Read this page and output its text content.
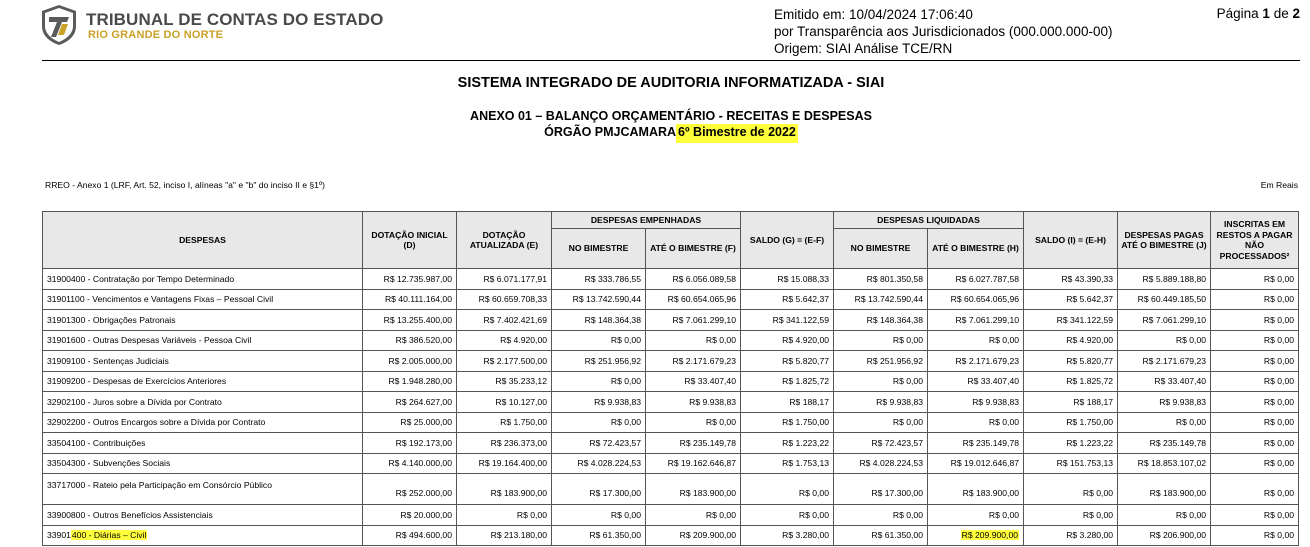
TRIBUNAL DE CONTAS DO ESTADO
RIO GRANDE DO NORTE
Emitido em: 10/04/2024 17:06:40
por Transparência aos Jurisdicionados (000.000.000-00)
Origem: SIAI Análise TCE/RN
Página 1 de 2
SISTEMA INTEGRADO DE AUDITORIA INFORMATIZADA - SIAI
ANEXO 01 – BALANÇO ORÇAMENTÁRIO - RECEITAS E DESPESAS
ÓRGÃO PMJCAMARA 6º Bimestre de 2022
RREO - Anexo 1 (LRF, Art. 52, inciso I, alíneas "a" e "b" do inciso II e §1º)	Em Reais
DESPESAS	DOTAÇÃO INICIAL (D)	DOTAÇÃO ATUALIZADA (E)	DESPESAS EMPENHADAS		SALDO (G) = (E-F)	DESPESAS LIQUIDADAS		SALDO (I) = (E-H)	DESPESAS PAGAS ATÉ O BIMESTRE (J)	INSCRITAS EM RESTOS A PAGAR NÃO PROCESSADOS²
			NO BIMESTRE	ATÉ O BIMESTRE (F)		NO BIMESTRE	ATÉ O BIMESTRE (H)			
31900400 - Contratação por Tempo Determinado	R$ 12.735.987,00	R$ 6.071.177,91	R$ 333.786,55	R$ 6.056.089,58	R$ 15.088,33	R$ 801.350,58	R$ 6.027.787,58	R$ 43.390,33	R$ 5.889.188,80	R$ 0,00
31901100 - Vencimentos e Vantagens Fixas – Pessoal Civil	R$ 40.111.164,00	R$ 60.659.708,33	R$ 13.742.590,44	R$ 60.654.065,96	R$ 5.642,37	R$ 13.742.590,44	R$ 60.654.065,96	R$ 5.642,37	R$ 60.449.185,50	R$ 0,00
31901300 - Obrigações Patronais	R$ 13.255.400,00	R$ 7.402.421,69	R$ 148.364,38	R$ 7.061.299,10	R$ 341.122,59	R$ 148.364,38	R$ 7.061.299,10	R$ 341.122,59	R$ 7.061.299,10	R$ 0,00
31901600 - Outras Despesas Variáveis - Pessoa Civil	R$ 386.520,00	R$ 4.920,00	R$ 0,00	R$ 0,00	R$ 4.920,00	R$ 0,00	R$ 0,00	R$ 4.920,00	R$ 0,00	R$ 0,00
31909100 - Sentenças Judiciais	R$ 2.005.000,00	R$ 2.177.500,00	R$ 251.956,92	R$ 2.171.679,23	R$ 5.820,77	R$ 251.956,92	R$ 2.171.679,23	R$ 5.820,77	R$ 2.171.679,23	R$ 0,00
31909200 - Despesas de Exercícios Anteriores	R$ 1.948.280,00	R$ 35.233,12	R$ 0,00	R$ 33.407,40	R$ 1.825,72	R$ 0,00	R$ 33.407,40	R$ 1.825,72	R$ 33.407,40	R$ 0,00
32902100 - Juros sobre a Dívida por Contrato	R$ 264.627,00	R$ 10.127,00	R$ 9.938,83	R$ 9.938,83	R$ 188,17	R$ 9.938,83	R$ 9.938,83	R$ 188,17	R$ 9.938,83	R$ 0,00
32902200 - Outros Encargos sobre a Dívida por Contrato	R$ 25.000,00	R$ 1.750,00	R$ 0,00	R$ 0,00	R$ 1.750,00	R$ 0,00	R$ 0,00	R$ 1.750,00	R$ 0,00	R$ 0,00
33504100 - Contribuições	R$ 192.173,00	R$ 236.373,00	R$ 72.423,57	R$ 235.149,78	R$ 1.223,22	R$ 72.423,57	R$ 235.149,78	R$ 1.223,22	R$ 235.149,78	R$ 0,00
33504300 - Subvenções Sociais	R$ 4.140.000,00	R$ 19.164.400,00	R$ 4.028.224,53	R$ 19.162.646,87	R$ 1.753,13	R$ 4.028.224,53	R$ 19.012.646,87	R$ 151.753,13	R$ 18.853.107,02	R$ 0,00
33717000 - Rateio pela Participação em Consórcio Público	R$ 252.000,00	R$ 183.900,00	R$ 17.300,00	R$ 183.900,00	R$ 0,00	R$ 17.300,00	R$ 183.900,00	R$ 0,00	R$ 183.900,00	R$ 0,00
33900800 - Outros Benefícios Assistenciais	R$ 20.000,00	R$ 0,00	R$ 0,00	R$ 0,00	R$ 0,00	R$ 0,00	R$ 0,00	R$ 0,00	R$ 0,00	R$ 0,00
33901400 - Diárias – Civil	R$ 494.600,00	R$ 213.180,00	R$ 61.350,00	R$ 209.900,00	R$ 3.280,00	R$ 61.350,00	R$ 209.900,00	R$ 3.280,00	R$ 206.900,00	R$ 0,00
